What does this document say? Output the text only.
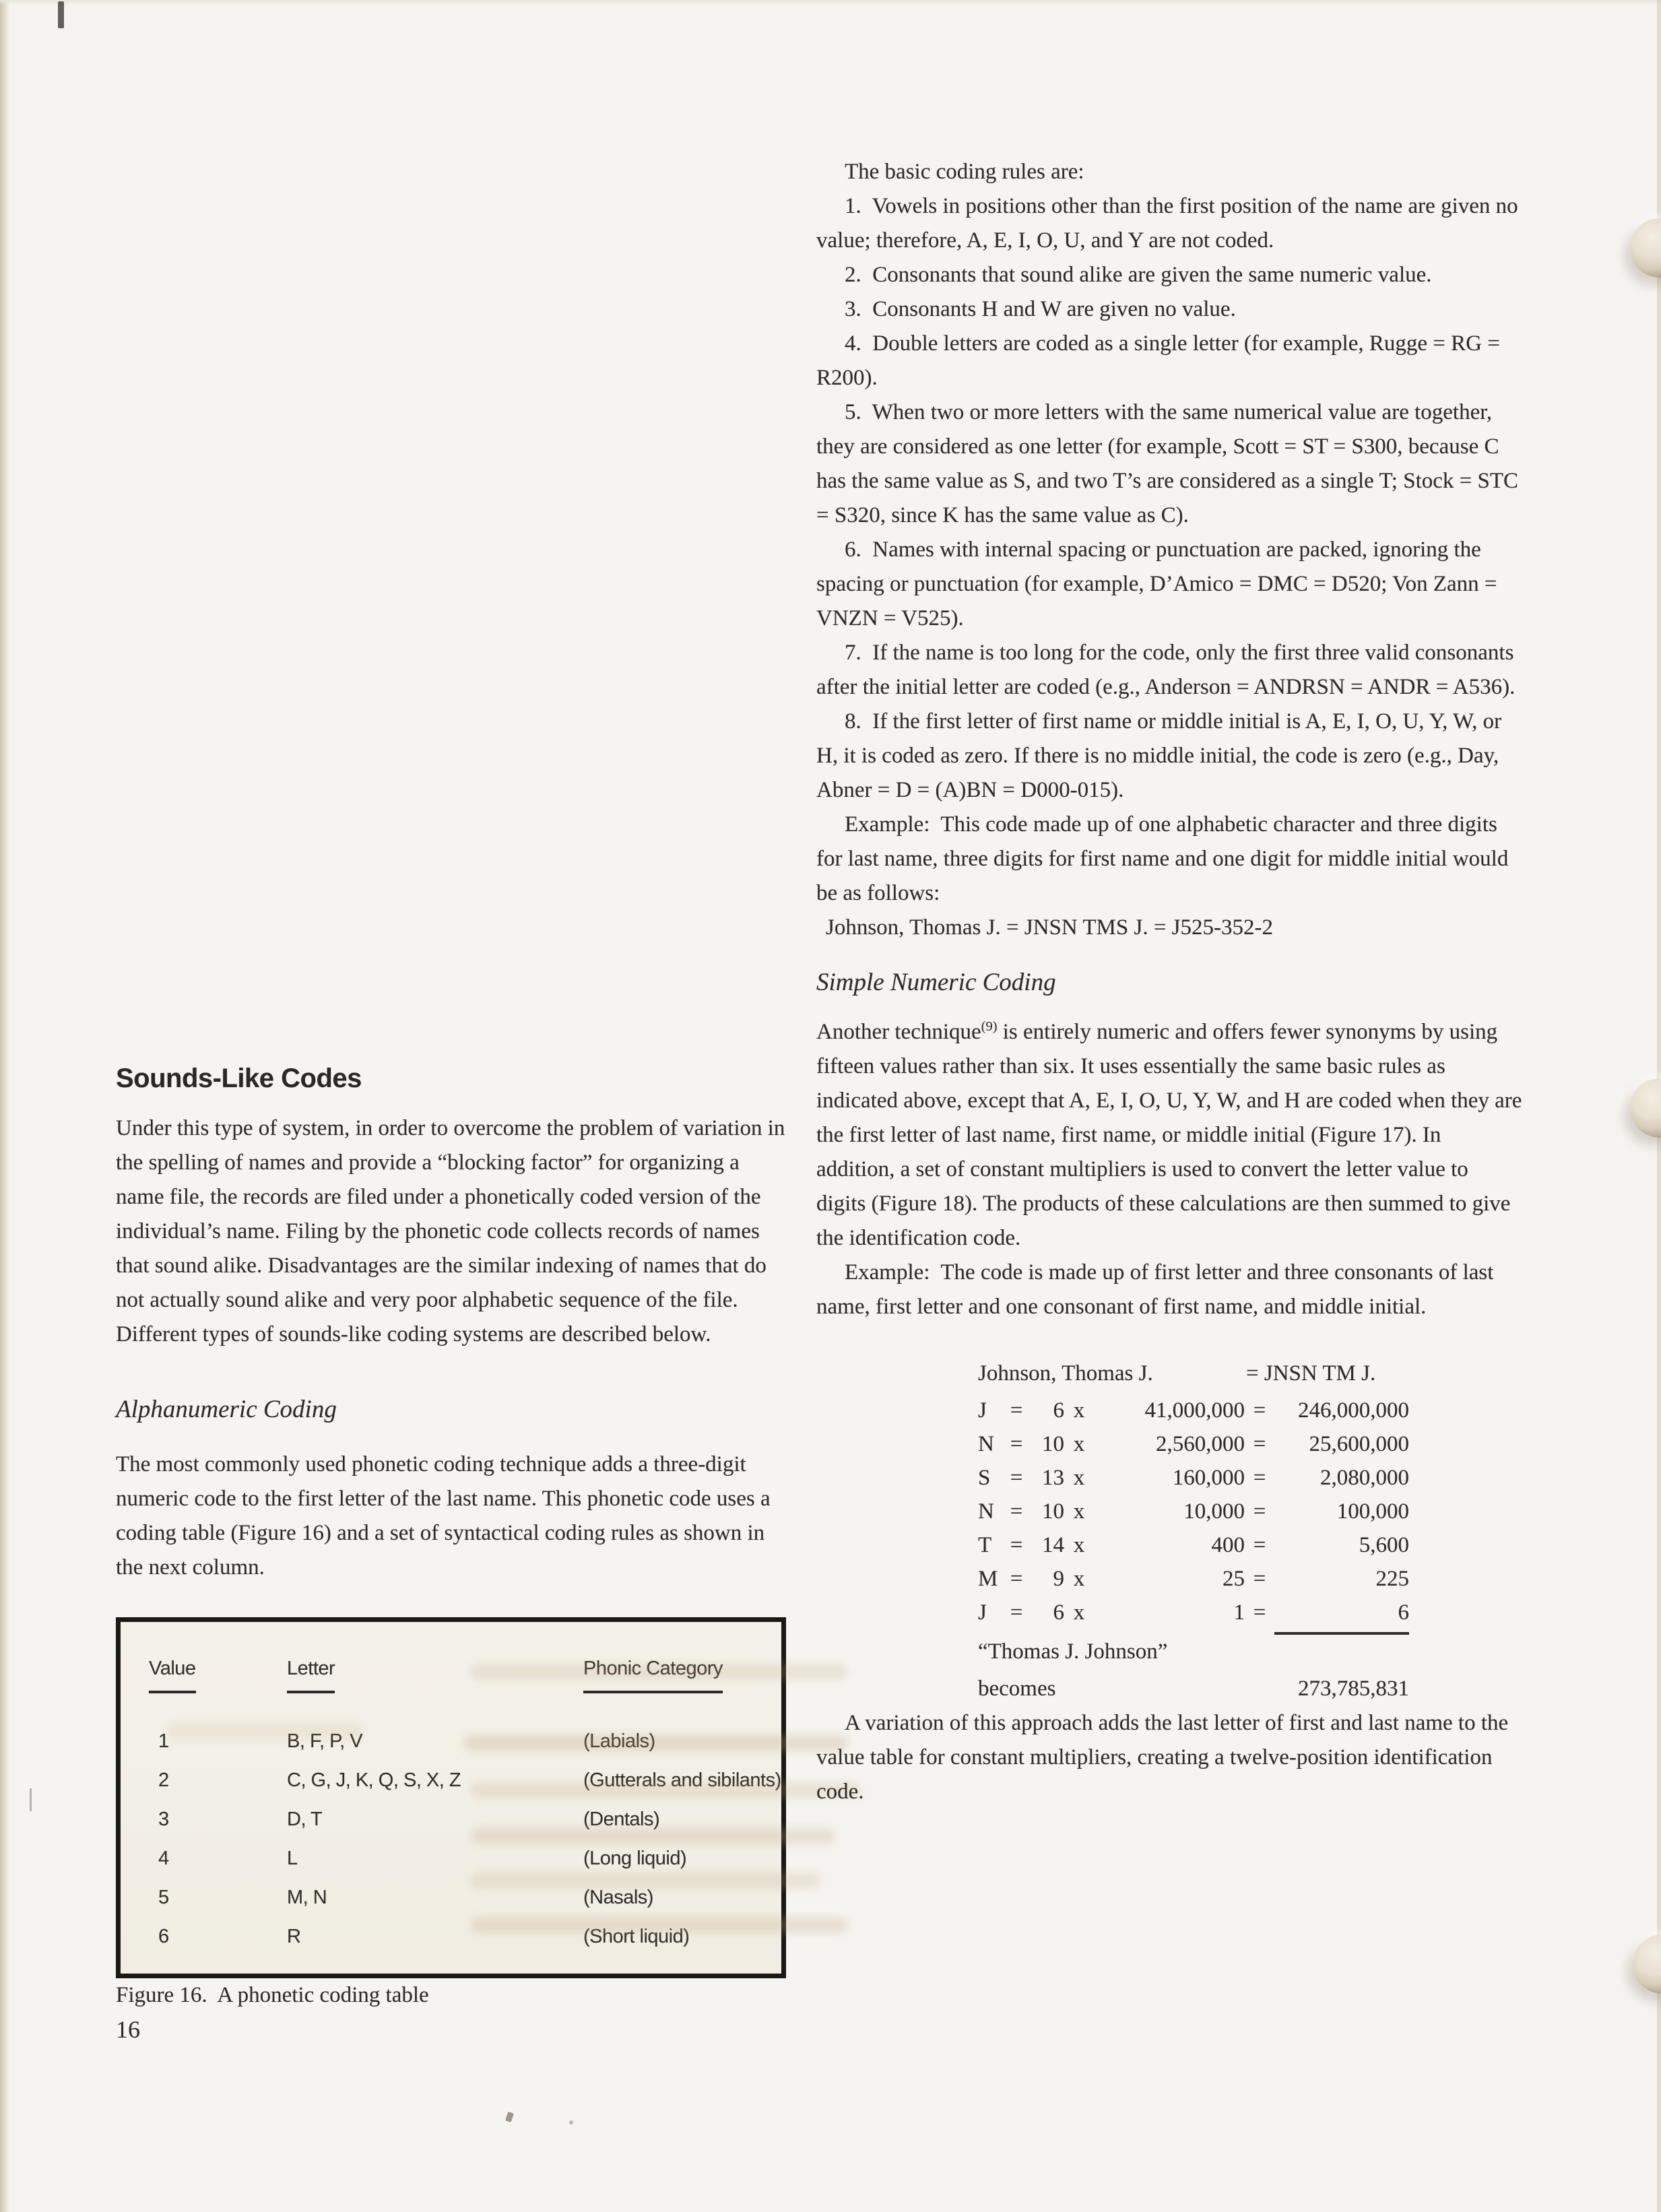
Sounds-Like Codes

Under this type of system, in order to overcome the problem of variation in the spelling of names and provide a “blocking factor” for organizing a name file, the records are filed under a phonetically coded version of the individual’s name. Filing by the phonetic code collects records of names that sound alike. Disadvantages are the similar indexing of names that do not actually sound alike and very poor alphabetic sequence of the file. Different types of sounds-like coding systems are described below.

Alphanumeric Coding

The most commonly used phonetic coding technique adds a three-digit numeric code to the first letter of the last name. This phonetic code uses a coding table (Figure 16) and a set of syntactical coding rules as shown in the next column.

Value	Letter	Phonic Category
1	B, F, P, V	(Labials)
2	C, G, J, K, Q, S, X, Z	(Gutterals and sibilants)
3	D, T	(Dentals)
4	L	(Long liquid)
5	M, N	(Nasals)
6	R	(Short liquid)

Figure 16.  A phonetic coding table

16

The basic coding rules are:

1.  Vowels in positions other than the first position of the name are given no value; therefore, A, E, I, O, U, and Y are not coded.

2.  Consonants that sound alike are given the same numeric value.

3.  Consonants H and W are given no value.

4.  Double letters are coded as a single letter (for example, Rugge = RG = R200).

5.  When two or more letters with the same numerical value are together, they are considered as one letter (for example, Scott = ST = S300, because C has the same value as S, and two T’s are considered as a single T; Stock = STC = S320, since K has the same value as C).

6.  Names with internal spacing or punctuation are packed, ignoring the spacing or punctuation (for example, D’Amico = DMC = D520; Von Zann = VNZN = V525).

7.  If the name is too long for the code, only the first three valid consonants after the initial letter are coded (e.g., Anderson = ANDRSN = ANDR = A536).

8.  If the first letter of first name or middle initial is A, E, I, O, U, Y, W, or H, it is coded as zero. If there is no middle initial, the code is zero (e.g., Day, Abner = D = (A)BN = D000-015).

Example:  This code made up of one alphabetic character and three digits for last name, three digits for first name and one digit for middle initial would be as follows:

Johnson, Thomas J. = JNSN TMS J. = J525-352-2

Simple Numeric Coding

Another technique$^{(9)}$ is entirely numeric and offers fewer synonyms by using fifteen values rather than six. It uses essentially the same basic rules as indicated above, except that A, E, I, O, U, Y, W, and H are coded when they are the first letter of last name, first name, or middle initial (Figure 17). In addition, a set of constant multipliers is used to convert the letter value to digits (Figure 18). The products of these calculations are then summed to give the identification code.

Example:  The code is made up of first letter and three consonants of last name, first letter and one consonant of first name, and middle initial.

Johnson, Thomas J.	= JNSN TM J.
J	=	6 x	41,000,000 =	246,000,000
N = 10 x	2,560,000 =	25,600,000
S = 13 x	160,000 =	2,080,000
N = 10 x	10,000 =	100,000
T = 14 x	400 =	5,600
M =	9 x	25 =	225
J	=	6 x	1 =	6

“Thomas J. Johnson”

becomes	273,785,831

A variation of this approach adds the last letter of first and last name to the value table for constant multipliers, creating a twelve-position identification code.
